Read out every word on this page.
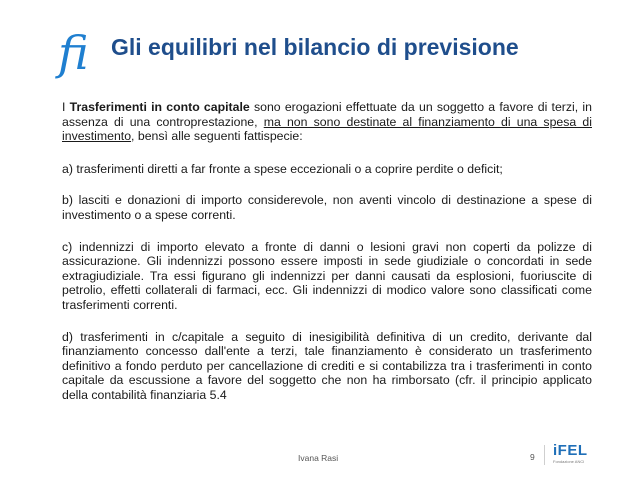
fi Gli equilibri nel bilancio di previsione

I Trasferimenti in conto capitale sono erogazioni effettuate da un soggetto a favore di terzi, in assenza di una controprestazione, ma non sono destinate al finanziamento di una spesa di investimento, bensì alle seguenti fattispecie:

a) trasferimenti diretti a far fronte a spese eccezionali o a coprire perdite o deficit;

b) lasciti e donazioni di importo considerevole, non aventi vincolo di destinazione a spese di investimento o a spese correnti.

c) indennizzi di importo elevato a fronte di danni o lesioni gravi non coperti da polizze di assicurazione. Gli indennizzi possono essere imposti in sede giudiziale o concordati in sede extragiudiziale. Tra essi figurano gli indennizzi per danni causati da esplosioni, fuoriuscite di petrolio, effetti collaterali di farmaci, ecc. Gli indennizzi di modico valore sono classificati come trasferimenti correnti.

d) trasferimenti in c/capitale a seguito di inesigibilità definitiva di un credito, derivante dal finanziamento concesso dall'ente a terzi, tale finanziamento è considerato un trasferimento definitivo a fondo perduto per cancellazione di crediti e si contabilizza tra i trasferimenti in conto capitale da escussione a favore del soggetto che non ha rimborsato (cfr. il principio applicato della contabilità finanziaria 5.4

Ivana Rasi	9 iFEL
Fondazione ANCI
